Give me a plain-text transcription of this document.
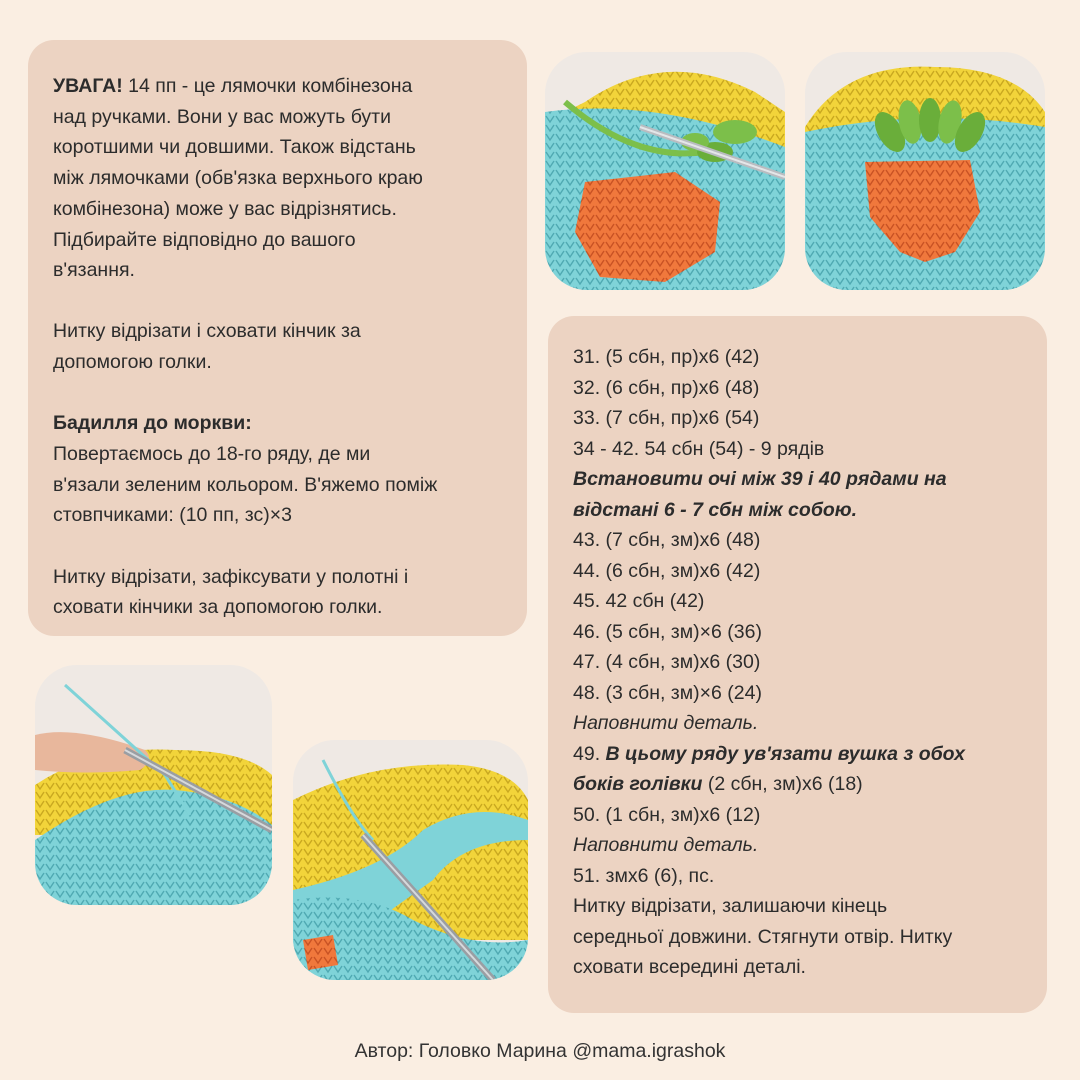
УВАГА! 14 пп - це лямочки комбінезона

над ручками. Вони у вас можуть бути

коротшими чи довшими. Також відстань

між лямочками (обв'язка верхнього краю

комбінезона) може у вас відрізнятись.

Підбирайте відповідно до вашого

в'язання.

Нитку відрізати і сховати кінчик за

допомогою голки.

Бадилля до моркви:

Повертаємось до 18-го ряду, де ми

в'язали зеленим кольором. В'яжемо поміж

стовпчиками: (10 пп, зс)×3

Нитку відрізати, зафіксувати у полотні і

сховати кінчики за допомогою голки.

31. (5 сбн, пр)х6 (42)

32. (6 сбн, пр)х6 (48)

33. (7 сбн, пр)х6 (54)

34 - 42. 54 сбн (54) - 9 рядів

Встановити очі між 39 і 40 рядами на

відстані 6 - 7 сбн між собою.

43. (7 сбн, зм)х6 (48)

44. (6 сбн, зм)х6 (42)

45. 42 сбн (42)

46. (5 сбн, зм)×6 (36)

47. (4 сбн, зм)х6 (30)

48. (3 сбн, зм)×6 (24)

Наповнити деталь.

49. В цьому ряду ув'язати вушка з обох

боків голівки (2 сбн, зм)х6 (18)

50. (1 сбн, зм)х6 (12)

Наповнити деталь.

51. змх6 (6), пс.

Нитку відрізати, залишаючи кінець

середньої довжини. Стягнути отвір. Нитку

сховати всередині деталі.

Автор: Головко Марина @mama.igrashok
